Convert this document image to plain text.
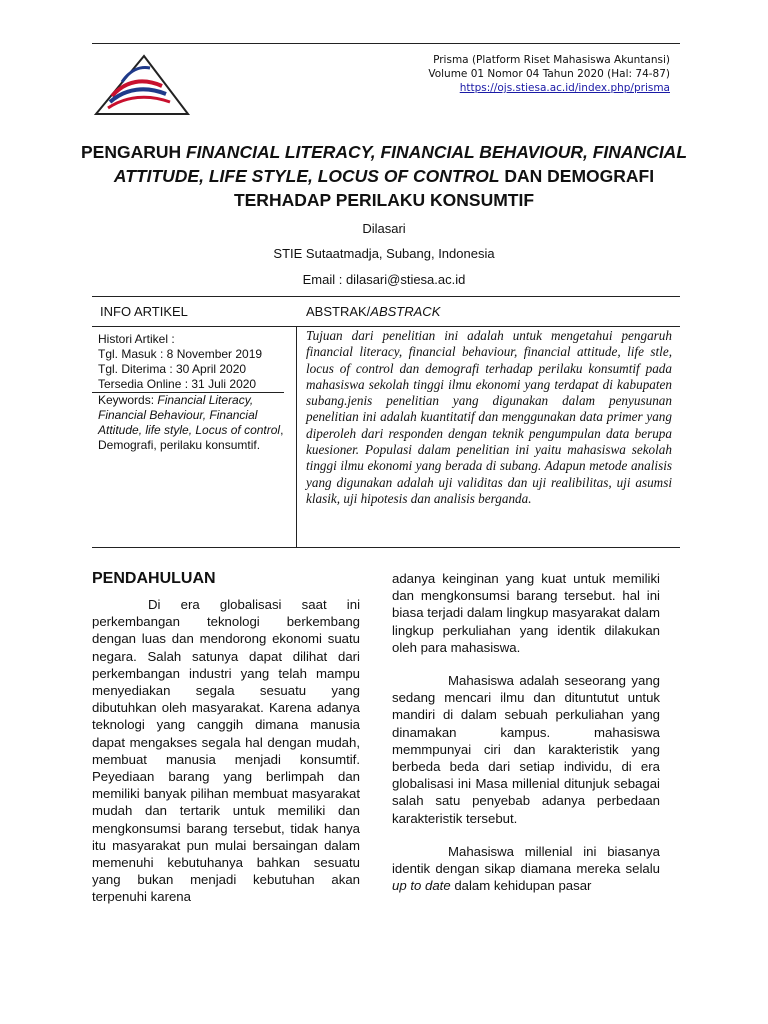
Prisma (Platform Riset Mahasiswa Akuntansi)
Volume 01 Nomor 04 Tahun 2020 (Hal: 74-87)
https://ojs.stiesa.ac.id/index.php/prisma
PENGARUH FINANCIAL LITERACY, FINANCIAL BEHAVIOUR, FINANCIAL ATTITUDE, LIFE STYLE, LOCUS OF CONTROL DAN DEMOGRAFI TERHADAP PERILAKU KONSUMTIF
Dilasari
STIE Sutaatmadja, Subang, Indonesia
Email : dilasari@stiesa.ac.id
INFO ARTIKEL	ABSTRAK/ABSTRACK
Histori Artikel :
Tgl. Masuk : 8 November 2019
Tgl. Diterima : 30 April 2020
Tersedia Online : 31 Juli 2020
Keywords: Financial Literacy, Financial Behaviour, Financial Attitude, life style, Locus of control, Demografi, perilaku konsumtif.
Tujuan dari penelitian ini adalah untuk mengetahui pengaruh financial literacy, financial behaviour, financial attitude, life stle, locus of control dan demografi terhadap perilaku konsumtif pada mahasiswa sekolah tinggi ilmu ekonomi yang terdapat di kabupaten subang.jenis penelitian yang digunakan dalam penyusunan penelitian ini adalah kuantitatif dan menggunakan data primer yang diperoleh dari responden dengan teknik pengumpulan data berupa kuesioner. Populasi dalam penelitian ini yaitu mahasiswa sekolah tinggi ilmu ekonomi yang berada di subang. Adapun metode analisis yang digunakan adalah uji validitas dan uji realibilitas, uji asumsi klasik, uji hipotesis dan analisis berganda.
PENDAHULUAN

Di era globalisasi saat ini perkembangan teknologi berkembang dengan luas dan mendorong ekonomi suatu negara. Salah satunya dapat dilihat dari perkembangan industri yang telah mampu menyediakan segala sesuatu yang dibutuhkan oleh masyarakat. Karena adanya teknologi yang canggih dimana manusia dapat mengakses segala hal dengan mudah, membuat manusia menjadi konsumtif. Peyediaan barang yang berlimpah dan memiliki banyak pilihan membuat masyarakat mudah dan tertarik untuk memiliki dan mengkonsumsi barang tersebut, tidak hanya itu masyarakat pun mulai bersaingan dalam memenuhi kebutuhanya bahkan sesuatu yang bukan menjadi kebutuhan akan terpenuhi karena

adanya keinginan yang kuat untuk memiliki dan mengkonsumsi barang tersebut. hal ini biasa terjadi dalam lingkup masyarakat dalam lingkup perkuliahan yang identik dilakukan oleh para mahasiswa.

Mahasiswa adalah seseorang yang sedang mencari ilmu dan dituntutut untuk mandiri di dalam sebuah perkuliahan yang dinamakan kampus. mahasiswa memmpunyai ciri dan karakteristik yang berbeda beda dari setiap individu, di era globalisasi ini Masa millenial ditunjuk sebagai salah satu penyebab adanya perbedaan karakteristik tersebut.

Mahasiswa millenial ini biasanya identik dengan sikap diamana mereka selalu up to date dalam kehidupan pasar
